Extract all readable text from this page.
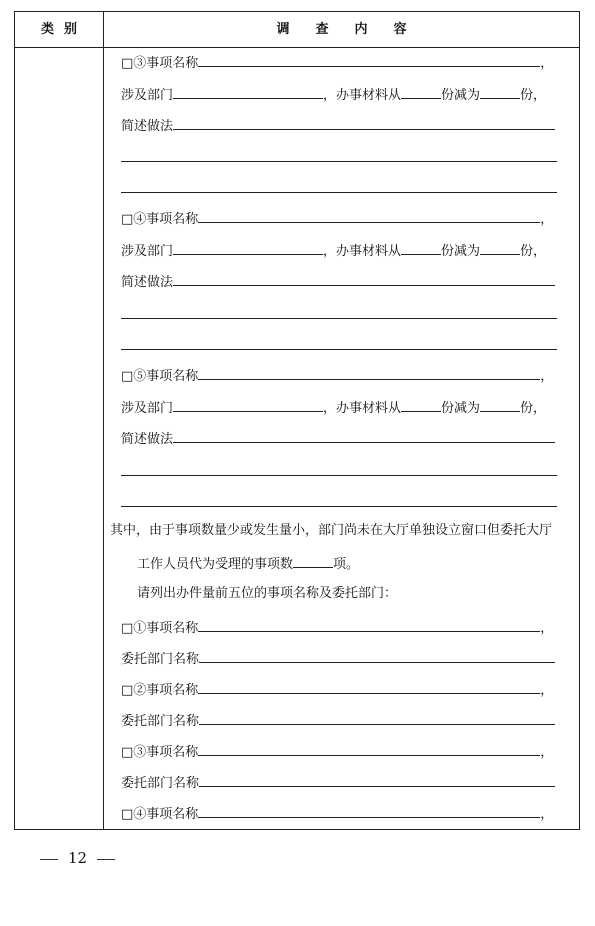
类别	调查内容
□③事项名称	，
涉及部门	，办事材料从	份减为	份，
简述做法
□④事项名称	，
涉及部门	，办事材料从	份减为	份，
简述做法
□⑤事项名称	，
涉及部门	，办事材料从	份减为	份，
简述做法
其中，由于事项数量少或发生量小，部门尚未在大厅单独设立窗口但委托大厅
工作人员代为受理的事项数	项。
请列出办件量前五位的事项名称及委托部门：
□①事项名称	，
委托部门名称
□②事项名称	，
委托部门名称
□③事项名称	，
委托部门名称
□④事项名称	，
12
